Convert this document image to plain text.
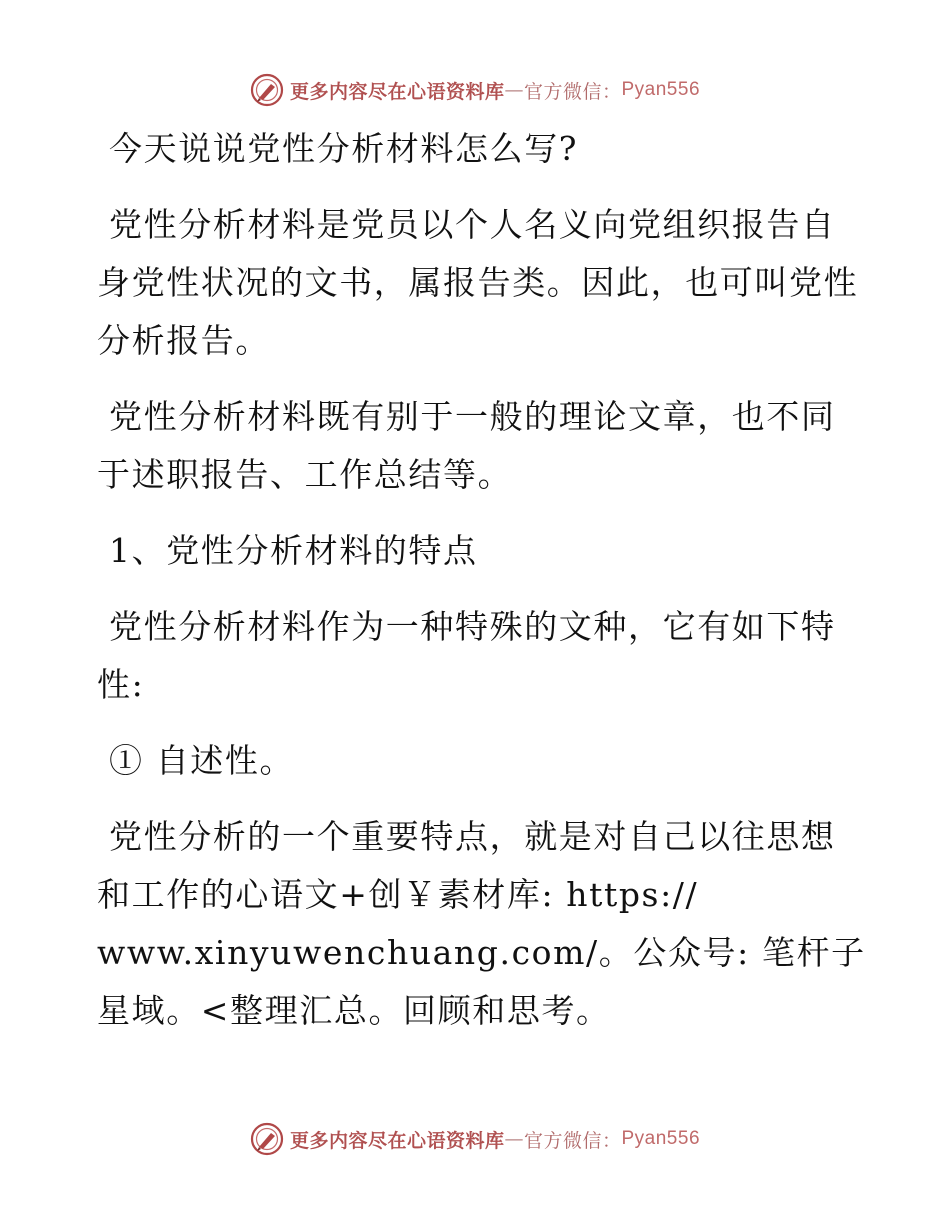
更多内容尽在心语资料库 — 官方微信： Pyan556

今天说说党性分析材料怎么写?

党性分析材料是党员以个人名义向党组织报告自身党性状况的文书，属报告类。因此，也可叫党性分析报告。

党性分析材料既有别于一般的理论文章，也不同于述职报告、工作总结等。

1、党性分析材料的特点

党性分析材料作为一种特殊的文种，它有如下特性:

① 自述性。

党性分析的一个重要特点，就是对自己以往思想和工作的心语文+创￥素材库: https:// www.xinyuwenchuang.com/。公众号: 笔杆子星域。<整理汇总。回顾和思考。

更多内容尽在心语资料库 — 官方微信： Pyan556
